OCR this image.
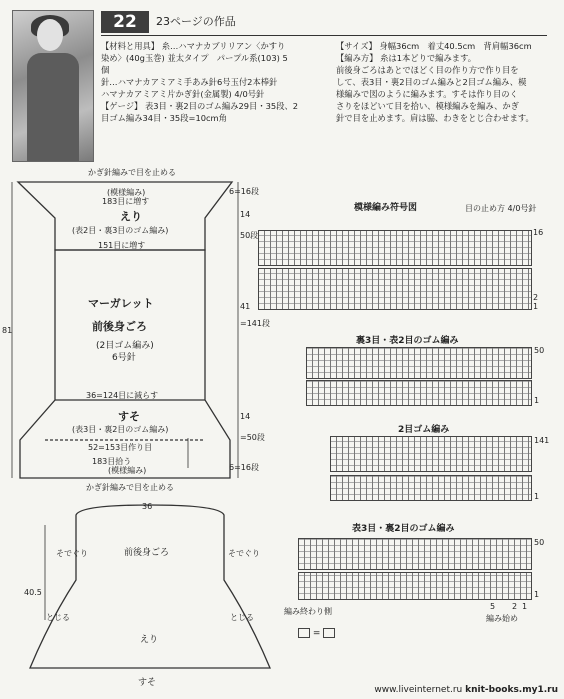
22	23ページの作品
【材料と用具】 糸…ハマナカブリリアン〈かすり
染め〉(40g玉巻) 並太タイプ　パープル系(103) 5
個
針…ハマナカアミアミ手あみ針6号玉付2本棒針
ハマナカアミアミ片かぎ針(金属製) 4/0号針
【ゲージ】 表3目・裏2目のゴム編み29目・35段、2
目ゴム編み34目・35段=10cm角
【サイズ】 身幅36cm　着丈40.5cm　背肩幅36cm
【編み方】 糸は1本どりで編みます。
前後身ごろはあとでほどく目の作り方で作り目を
して、表3目・裏2目のゴム編みと2目ゴム編み、模
様編みで図のように編みます。すそは作り目のく
さりをほどいて目を拾い、模様編みを編み、かぎ
針で目を止めます。肩は脇、わきをとじ合わせます。
かぎ針編みで目を止める
(模様編み)
183目に増す
えり
(表2目・裏3目のゴム編み)
151目に増す
6=16段
14
50段
マーガレット
前後身ごろ
(2目ゴム編み)
6号針
81
41
=141段
36=124目に減らす
すそ
(表3目・裏2目のゴム編み)
52=153目作り目
183目拾う
(模様編み)
14
=50段
6=16段
かぎ針編みで目を止める
36
40.5
前後身ごろ
そでぐり	そでぐり
とじる	とじる
えり
すそ
模様編み符号図	目の止め方 4/0号針
16
2
1
裏3目・表2目のゴム編み
50
1
2目ゴム編み
141
1
表3目・裏2目のゴム編み
50
1
編み終わり側
5 2 1
編み始め
=
www.liveinternet.ru knit-books.my1.ru
